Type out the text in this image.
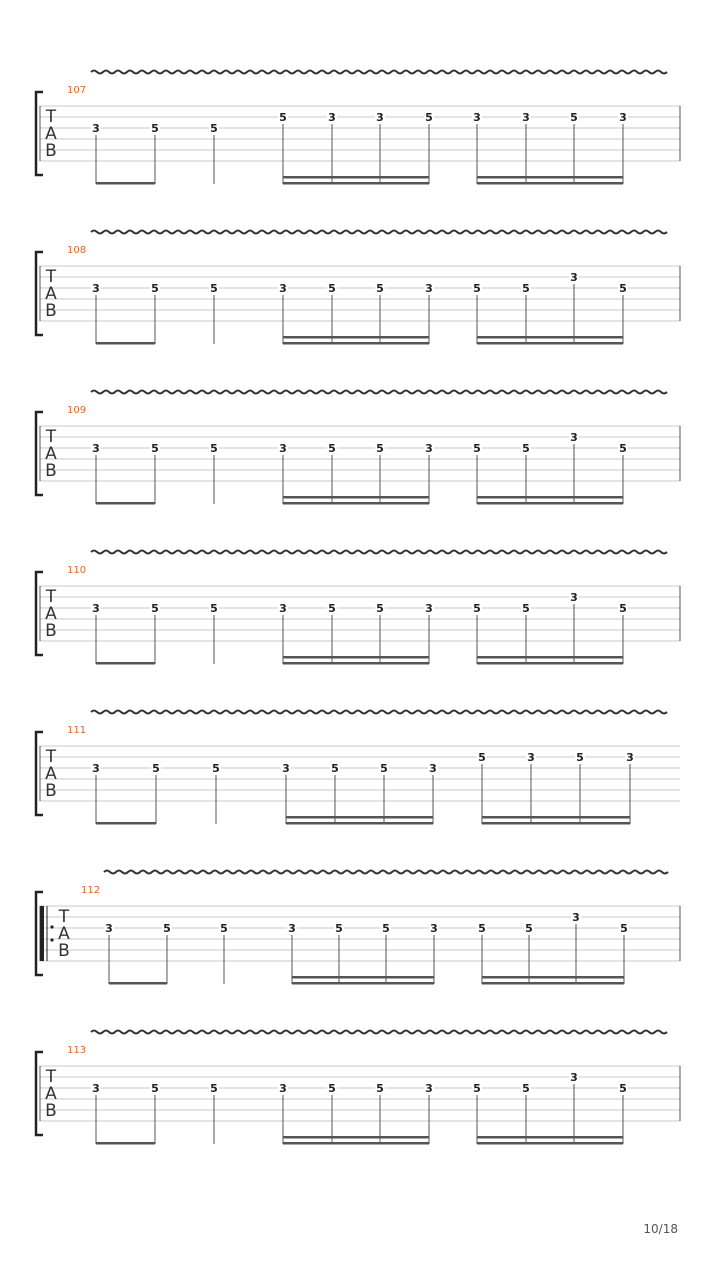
107
T
A
B
3	5	5
5	3	3	5	3	3	5	3
108
T
A
B
3	5	5	3	5	5	3	5	5
3
5
109
T
A
B
3	5	5	3	5	5	3	5	5
3
5
110
T
A
B
3	5	5	3	5	5	3	5	5
3
5
111
T
A
B
3	5	5	3	5	5	3
5	3	5	3
112
T
A
B
3	5	5	3	5	5	3	5	5
3
5
113
T
A
B
3	5	5	3	5	5	3	5	5
3
5
10/18
